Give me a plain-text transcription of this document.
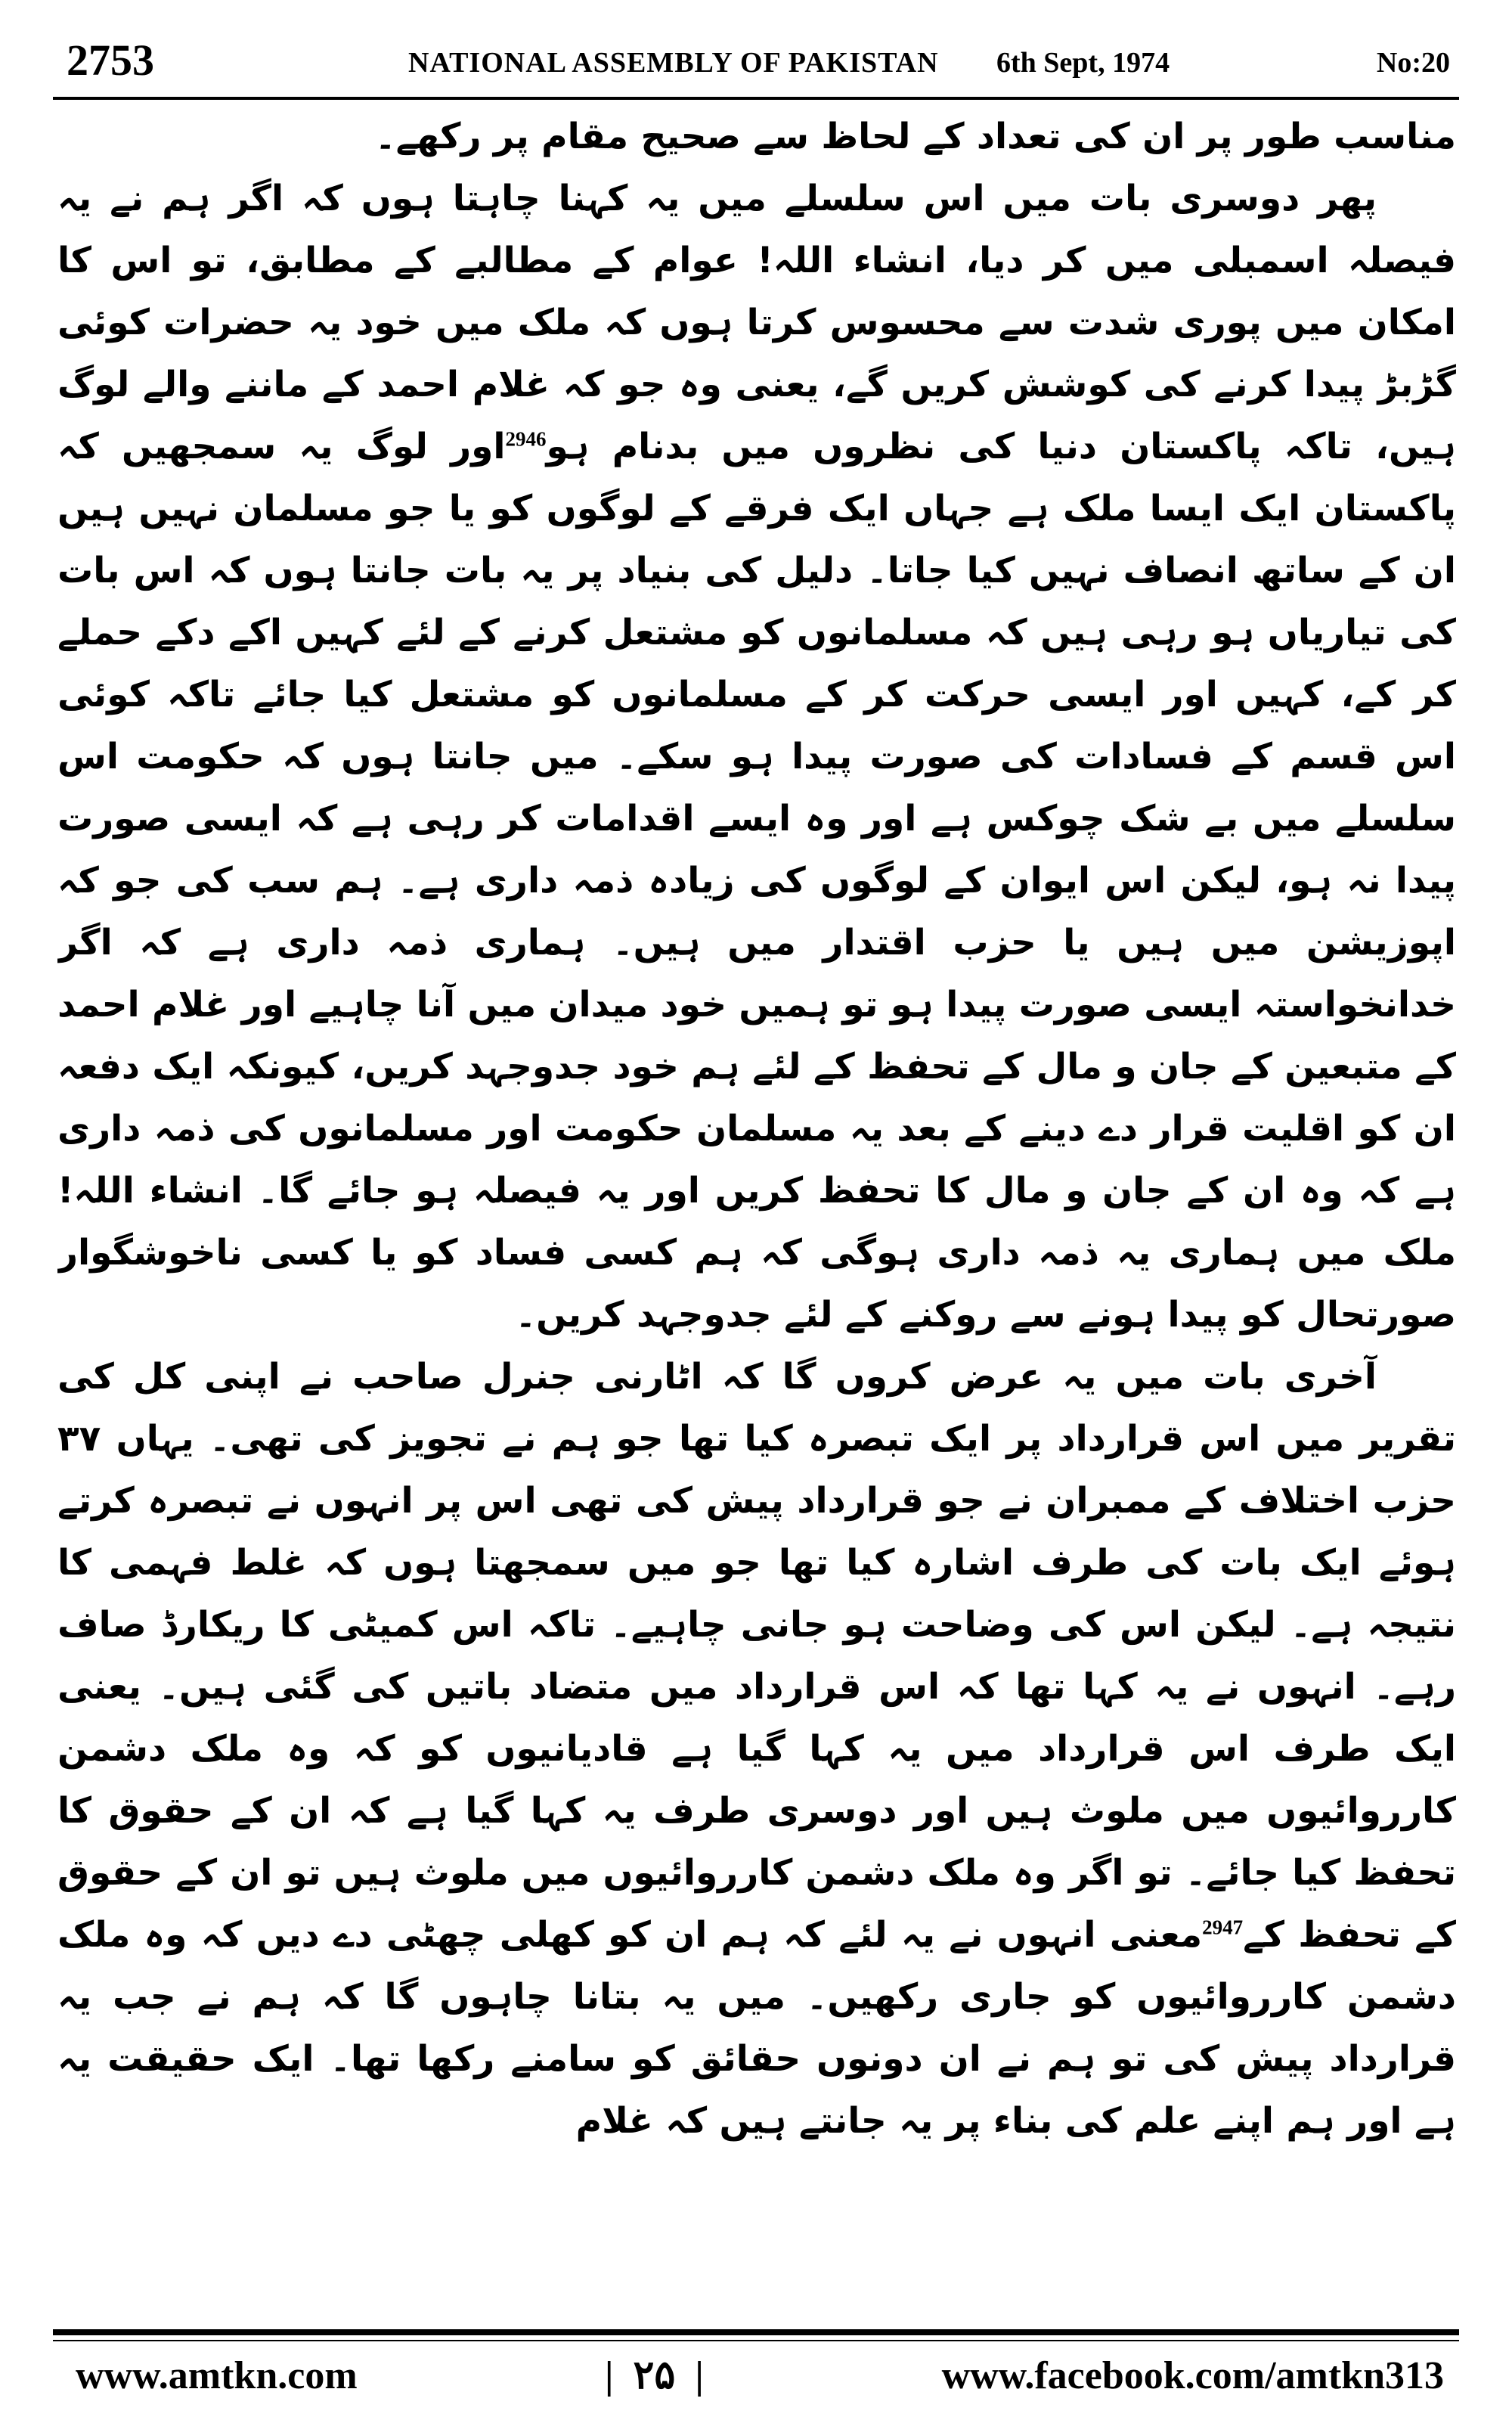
2753	NATIONAL ASSEMBLY OF PAKISTAN 6th Sept, 1974	No:20

مناسب طور پر ان کی تعداد کے لحاظ سے صحیح مقام پر رکھے۔

پھر دوسری بات میں اس سلسلے میں یہ کہنا چاہتا ہوں کہ اگر ہم نے یہ فیصلہ اسمبلی میں کر دیا، انشاء اللہ! عوام کے مطالبے کے مطابق، تو اس کا امکان میں پوری شدت سے محسوس کرتا ہوں کہ ملک میں خود یہ حضرات کوئی گڑبڑ پیدا کرنے کی کوشش کریں گے، یعنی وہ جو کہ غلام احمد کے ماننے والے لوگ ہیں، تاکہ پاکستان دنیا کی نظروں میں بدنام ہو$^{2946}$اور لوگ یہ سمجھیں کہ پاکستان ایک ایسا ملک ہے جہاں ایک فرقے کے لوگوں کو یا جو مسلمان نہیں ہیں ان کے ساتھ انصاف نہیں کیا جاتا۔ دلیل کی بنیاد پر یہ بات جانتا ہوں کہ اس بات کی تیاریاں ہو رہی ہیں کہ مسلمانوں کو مشتعل کرنے کے لئے کہیں اکے دکے حملے کر کے، کہیں اور ایسی حرکت کر کے مسلمانوں کو مشتعل کیا جائے تاکہ کوئی اس قسم کے فسادات کی صورت پیدا ہو سکے۔ میں جانتا ہوں کہ حکومت اس سلسلے میں بے شک چوکس ہے اور وہ ایسے اقدامات کر رہی ہے کہ ایسی صورت پیدا نہ ہو، لیکن اس ایوان کے لوگوں کی زیادہ ذمہ داری ہے۔ ہم سب کی جو کہ اپوزیشن میں ہیں یا حزب اقتدار میں ہیں۔ ہماری ذمہ داری ہے کہ اگر خدانخواستہ ایسی صورت پیدا ہو تو ہمیں خود میدان میں آنا چاہیے اور غلام احمد کے متبعین کے جان و مال کے تحفظ کے لئے ہم خود جدوجہد کریں، کیونکہ ایک دفعہ ان کو اقلیت قرار دے دینے کے بعد یہ مسلمان حکومت اور مسلمانوں کی ذمہ داری ہے کہ وہ ان کے جان و مال کا تحفظ کریں اور یہ فیصلہ ہو جائے گا۔ انشاء اللہ! ملک میں ہماری یہ ذمہ داری ہوگی کہ ہم کسی فساد کو یا کسی ناخوشگوار صورتحال کو پیدا ہونے سے روکنے کے لئے جدوجہد کریں۔

آخری بات میں یہ عرض کروں گا کہ اٹارنی جنرل صاحب نے اپنی کل کی تقریر میں اس قرارداد پر ایک تبصرہ کیا تھا جو ہم نے تجویز کی تھی۔ یہاں ۳۷ حزب اختلاف کے ممبران نے جو قرارداد پیش کی تھی اس پر انہوں نے تبصرہ کرتے ہوئے ایک بات کی طرف اشارہ کیا تھا جو میں سمجھتا ہوں کہ غلط فہمی کا نتیجہ ہے۔ لیکن اس کی وضاحت ہو جانی چاہیے۔ تاکہ اس کمیٹی کا ریکارڈ صاف رہے۔ انہوں نے یہ کہا تھا کہ اس قرارداد میں متضاد باتیں کی گئی ہیں۔ یعنی ایک طرف اس قرارداد میں یہ کہا گیا ہے قادیانیوں کو کہ وہ ملک دشمن کارروائیوں میں ملوث ہیں اور دوسری طرف یہ کہا گیا ہے کہ ان کے حقوق کا تحفظ کیا جائے۔ تو اگر وہ ملک دشمن کارروائیوں میں ملوث ہیں تو ان کے حقوق کے تحفظ کے$^{2947}$معنی انہوں نے یہ لئے کہ ہم ان کو کھلی چھٹی دے دیں کہ وہ ملک دشمن کارروائیوں کو جاری رکھیں۔ میں یہ بتانا چاہوں گا کہ ہم نے جب یہ قرارداد پیش کی تو ہم نے ان دونوں حقائق کو سامنے رکھا تھا۔ ایک حقیقت یہ ہے اور ہم اپنے علم کی بناء پر یہ جانتے ہیں کہ غلام

www.amtkn.com	| ۲۵ |	www.facebook.com/amtkn313
